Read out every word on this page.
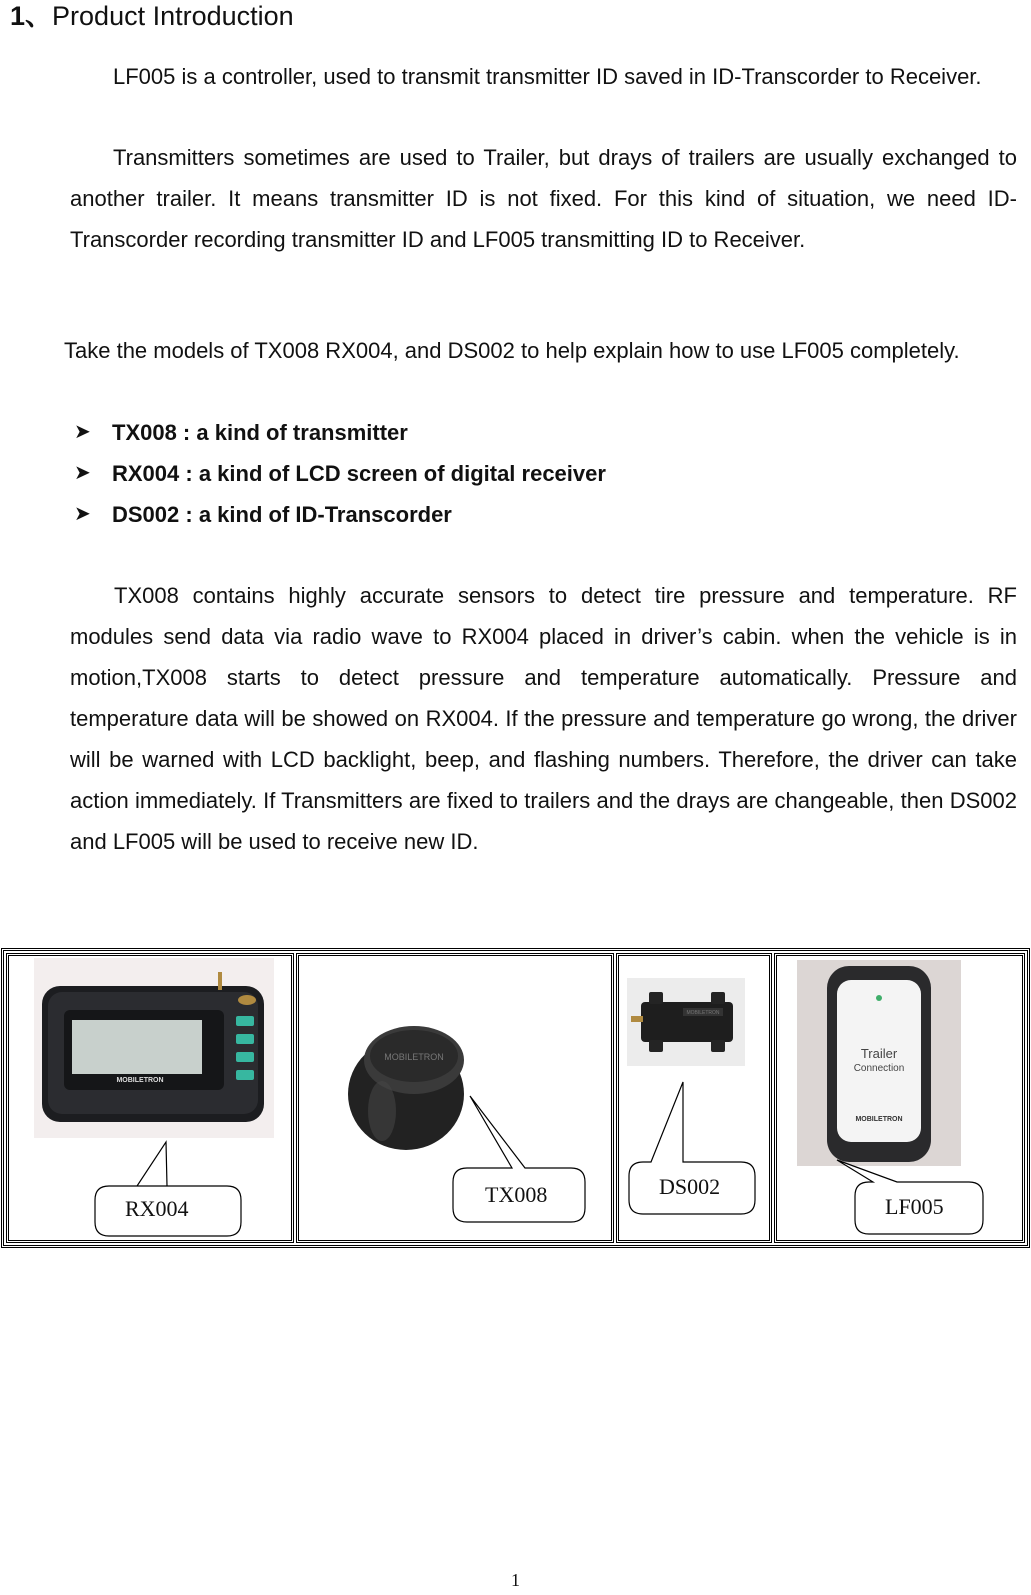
1、Product Introduction
LF005 is a controller, used to transmit transmitter ID saved in ID-Transcorder to Receiver.
Transmitters sometimes are used to Trailer, but drays of trailers are usually exchanged to another trailer. It means transmitter ID is not fixed. For this kind of situation, we need ID-Transcorder recording transmitter ID and LF005 transmitting ID to Receiver.
Take the models of TX008 RX004, and DS002 to help explain how to use LF005 completely.
➤ TX008 : a kind of transmitter
➤ RX004 : a kind of LCD screen of digital receiver
➤ DS002 : a kind of ID-Transcorder
TX008 contains highly accurate sensors to detect tire pressure and temperature. RF modules send data via radio wave to RX004 placed in driver’s cabin. when the vehicle is in motion,TX008 starts to detect pressure and temperature automatically. Pressure and temperature data will be showed on RX004. If the pressure and temperature go wrong, the driver will be warned with LCD backlight, beep, and flashing numbers. Therefore, the driver can take action immediately. If Transmitters are fixed to trailers and the drays are changeable, then DS002 and LF005 will be used to receive new ID.
MOBILETRON
RX004

MOBILETRON
TX008

MOBILETRON
DS002

Trailer
Connection
MOBILETRON
LF005
1
